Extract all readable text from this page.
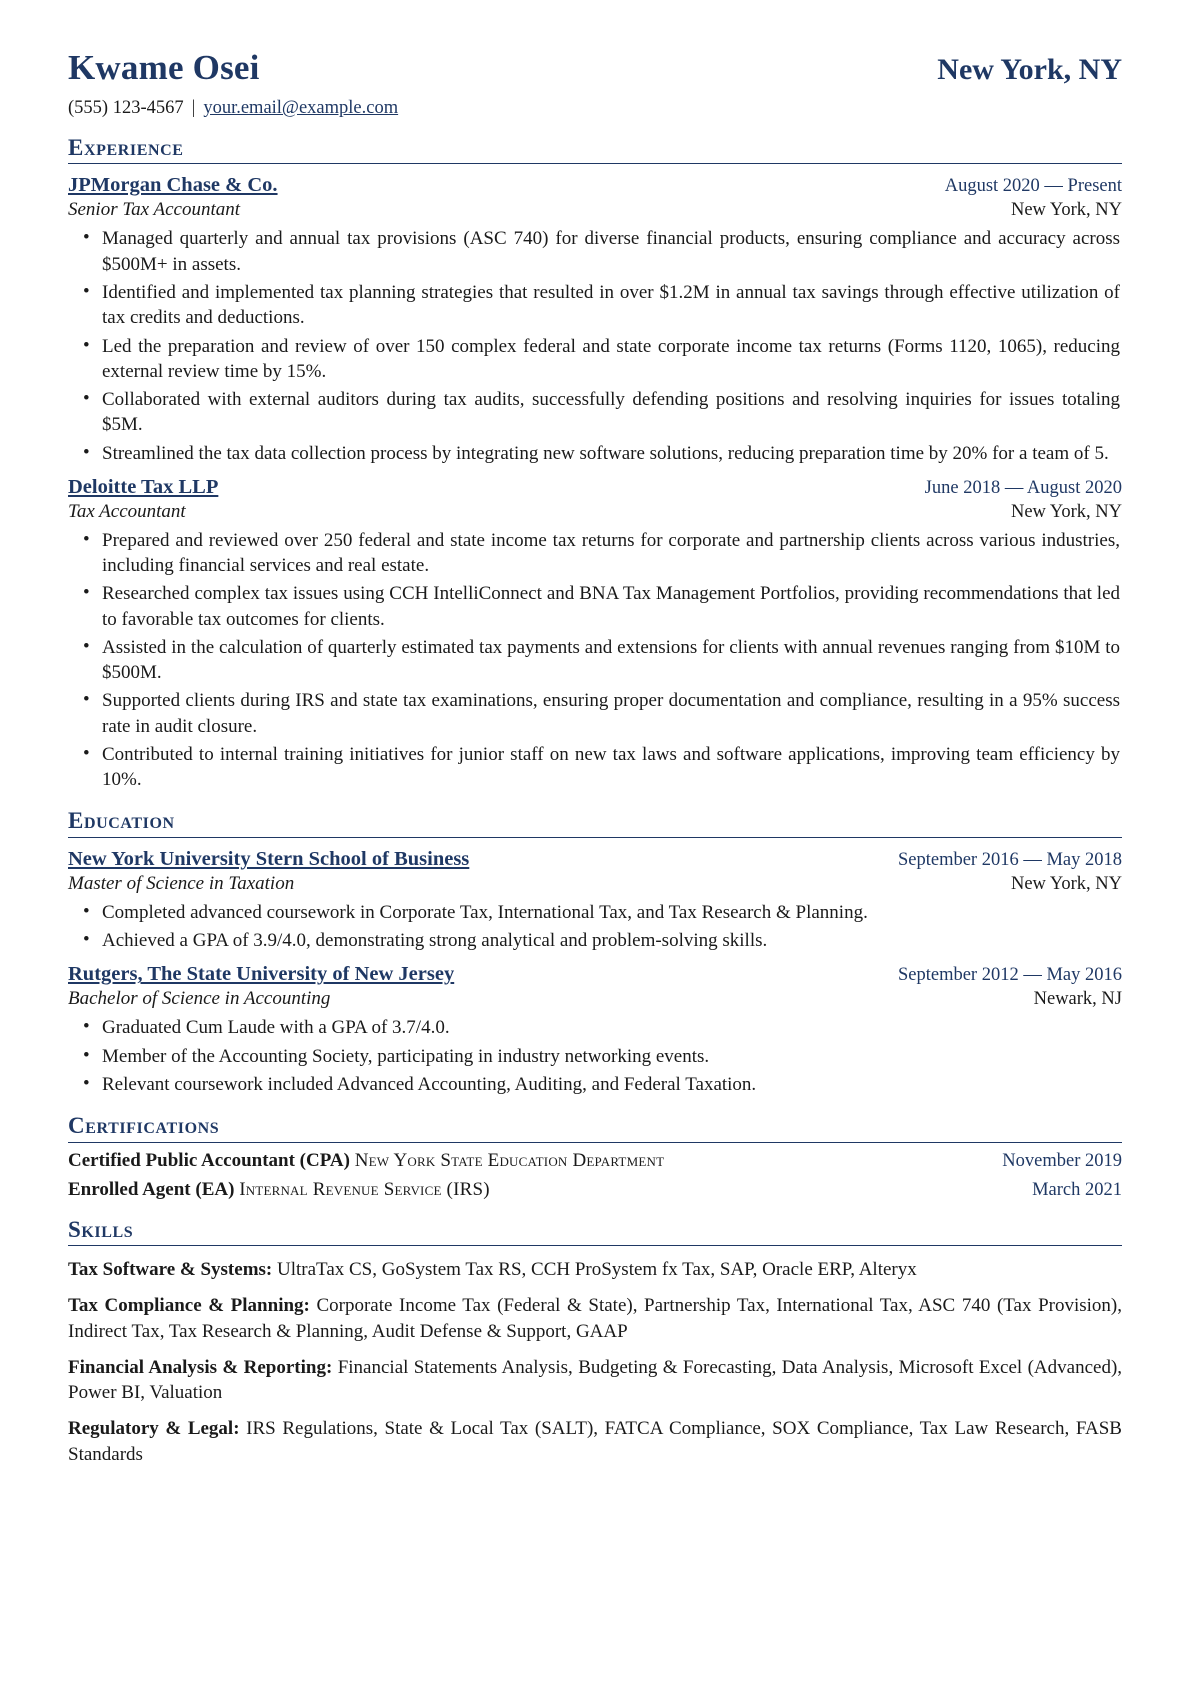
Kwame Osei	New York, NY
(555) 123-4567 | your.email@example.com
Experience
JPMorgan Chase & Co.	August 2020 — Present
Senior Tax Accountant	New York, NY
• Managed quarterly and annual tax provisions (ASC 740) for diverse financial products, ensuring compliance and accuracy across $500M+ in assets.
• Identified and implemented tax planning strategies that resulted in over $1.2M in annual tax savings through effective utilization of tax credits and deductions.
• Led the preparation and review of over 150 complex federal and state corporate income tax returns (Forms 1120, 1065), reducing external review time by 15%.
• Collaborated with external auditors during tax audits, successfully defending positions and resolving inquiries for issues totaling $5M.
• Streamlined the tax data collection process by integrating new software solutions, reducing preparation time by 20% for a team of 5.
Deloitte Tax LLP	June 2018 — August 2020
Tax Accountant	New York, NY
• Prepared and reviewed over 250 federal and state income tax returns for corporate and partnership clients across various industries, including financial services and real estate.
• Researched complex tax issues using CCH IntelliConnect and BNA Tax Management Portfolios, providing recommendations that led to favorable tax outcomes for clients.
• Assisted in the calculation of quarterly estimated tax payments and extensions for clients with annual revenues ranging from $10M to $500M.
• Supported clients during IRS and state tax examinations, ensuring proper documentation and compliance, resulting in a 95% success rate in audit closure.
• Contributed to internal training initiatives for junior staff on new tax laws and software applications, improving team efficiency by 10%.
Education
New York University Stern School of Business	September 2016 — May 2018
Master of Science in Taxation	New York, NY
• Completed advanced coursework in Corporate Tax, International Tax, and Tax Research & Planning.
• Achieved a GPA of 3.9/4.0, demonstrating strong analytical and problem-solving skills.
Rutgers, The State University of New Jersey	September 2012 — May 2016
Bachelor of Science in Accounting	Newark, NJ
• Graduated Cum Laude with a GPA of 3.7/4.0.
• Member of the Accounting Society, participating in industry networking events.
• Relevant coursework included Advanced Accounting, Auditing, and Federal Taxation.
Certifications
Certified Public Accountant (CPA) New York State Education Department	November 2019
Enrolled Agent (EA) Internal Revenue Service (IRS)	March 2021
Skills
Tax Software & Systems: UltraTax CS, GoSystem Tax RS, CCH ProSystem fx Tax, SAP, Oracle ERP, Alteryx
Tax Compliance & Planning: Corporate Income Tax (Federal & State), Partnership Tax, International Tax, ASC 740 (Tax Provision), Indirect Tax, Tax Research & Planning, Audit Defense & Support, GAAP
Financial Analysis & Reporting: Financial Statements Analysis, Budgeting & Forecasting, Data Analysis, Microsoft Excel (Advanced), Power BI, Valuation
Regulatory & Legal: IRS Regulations, State & Local Tax (SALT), FATCA Compliance, SOX Compliance, Tax Law Research, FASB Standards
